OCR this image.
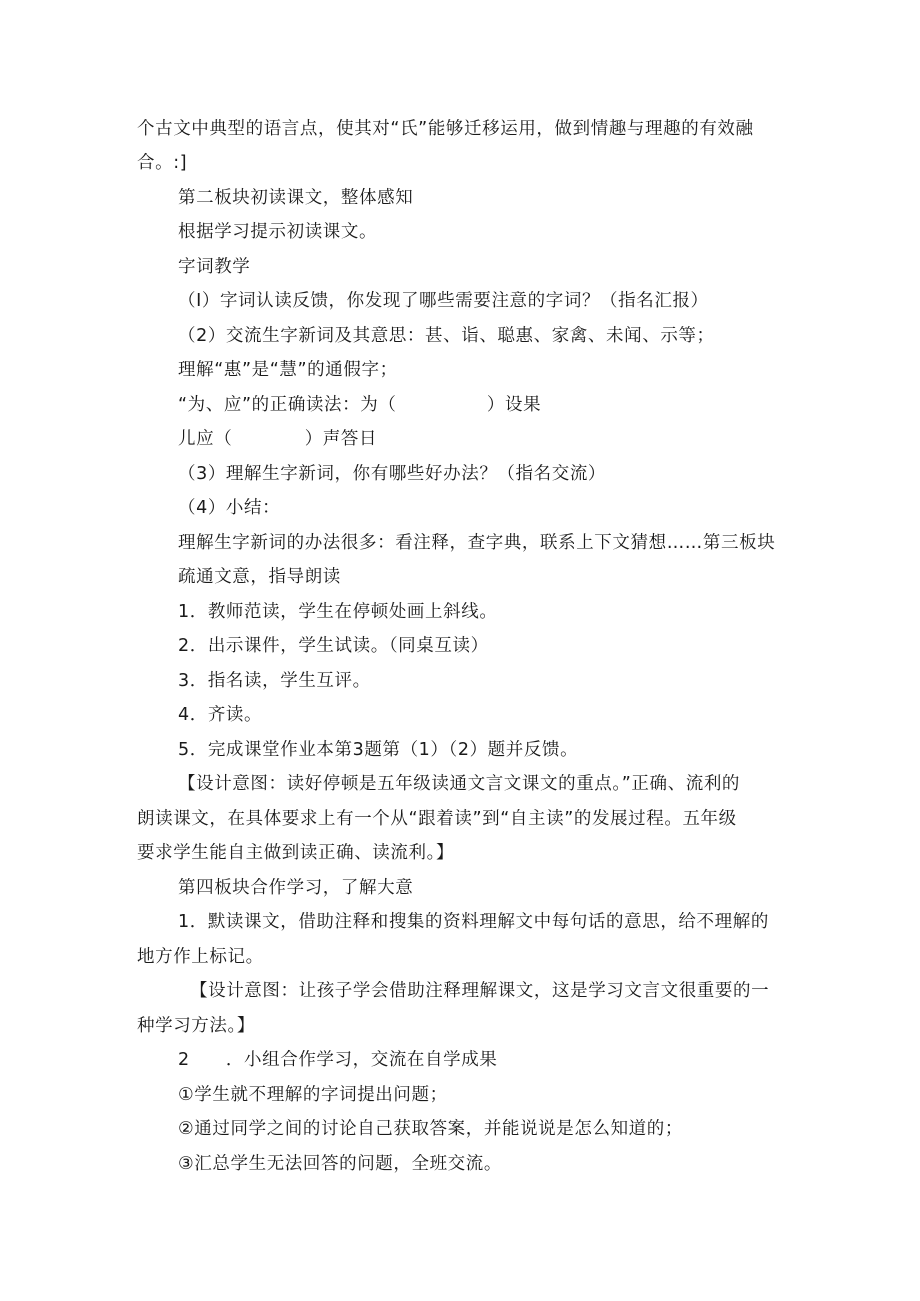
个古文中典型的语言点，使其对“氏”能够迁移运用，做到情趣与理趣的有效融
合。:]
第二板块初读课文，整体感知
根据学习提示初读课文。
字词教学
（I）字词认读反馈，你发现了哪些需要注意的字词？（指名汇报）
（2）交流生字新词及其意思：甚、诣、聪惠、家禽、未闻、示等；
理解“惠”是“慧”的通假字；
“为、应”的正确读法：为（　　　　　）设果
儿应（　　　　）声答日
（3）理解生字新词，你有哪些好办法？（指名交流）
（4）小结：
理解生字新词的办法很多：看注释，查字典，联系上下文猜想……第三板块
疏通文意，指导朗读
1．教师范读，学生在停顿处画上斜线。
2．出示课件，学生试读。（同桌互读）
3．指名读，学生互评。
4．齐读。
5．完成课堂作业本第3题第（1）（2）题并反馈。
【设计意图：读好停顿是五年级读通文言文课文的重点。”正确、流利的
朗读课文，在具体要求上有一个从“跟着读”到“自主读”的发展过程。五年级
要求学生能自主做到读正确、读流利。】
第四板块合作学习，了解大意
1．默读课文，借助注释和搜集的资料理解文中每句话的意思，给不理解的
地方作上标记。
【设计意图：让孩子学会借助注释理解课文，这是学习文言文很重要的一
种学习方法。】
2　　．小组合作学习，交流在自学成果
①学生就不理解的字词提出问题；
②通过同学之间的讨论自己获取答案，并能说说是怎么知道的；
③汇总学生无法回答的问题，全班交流。
